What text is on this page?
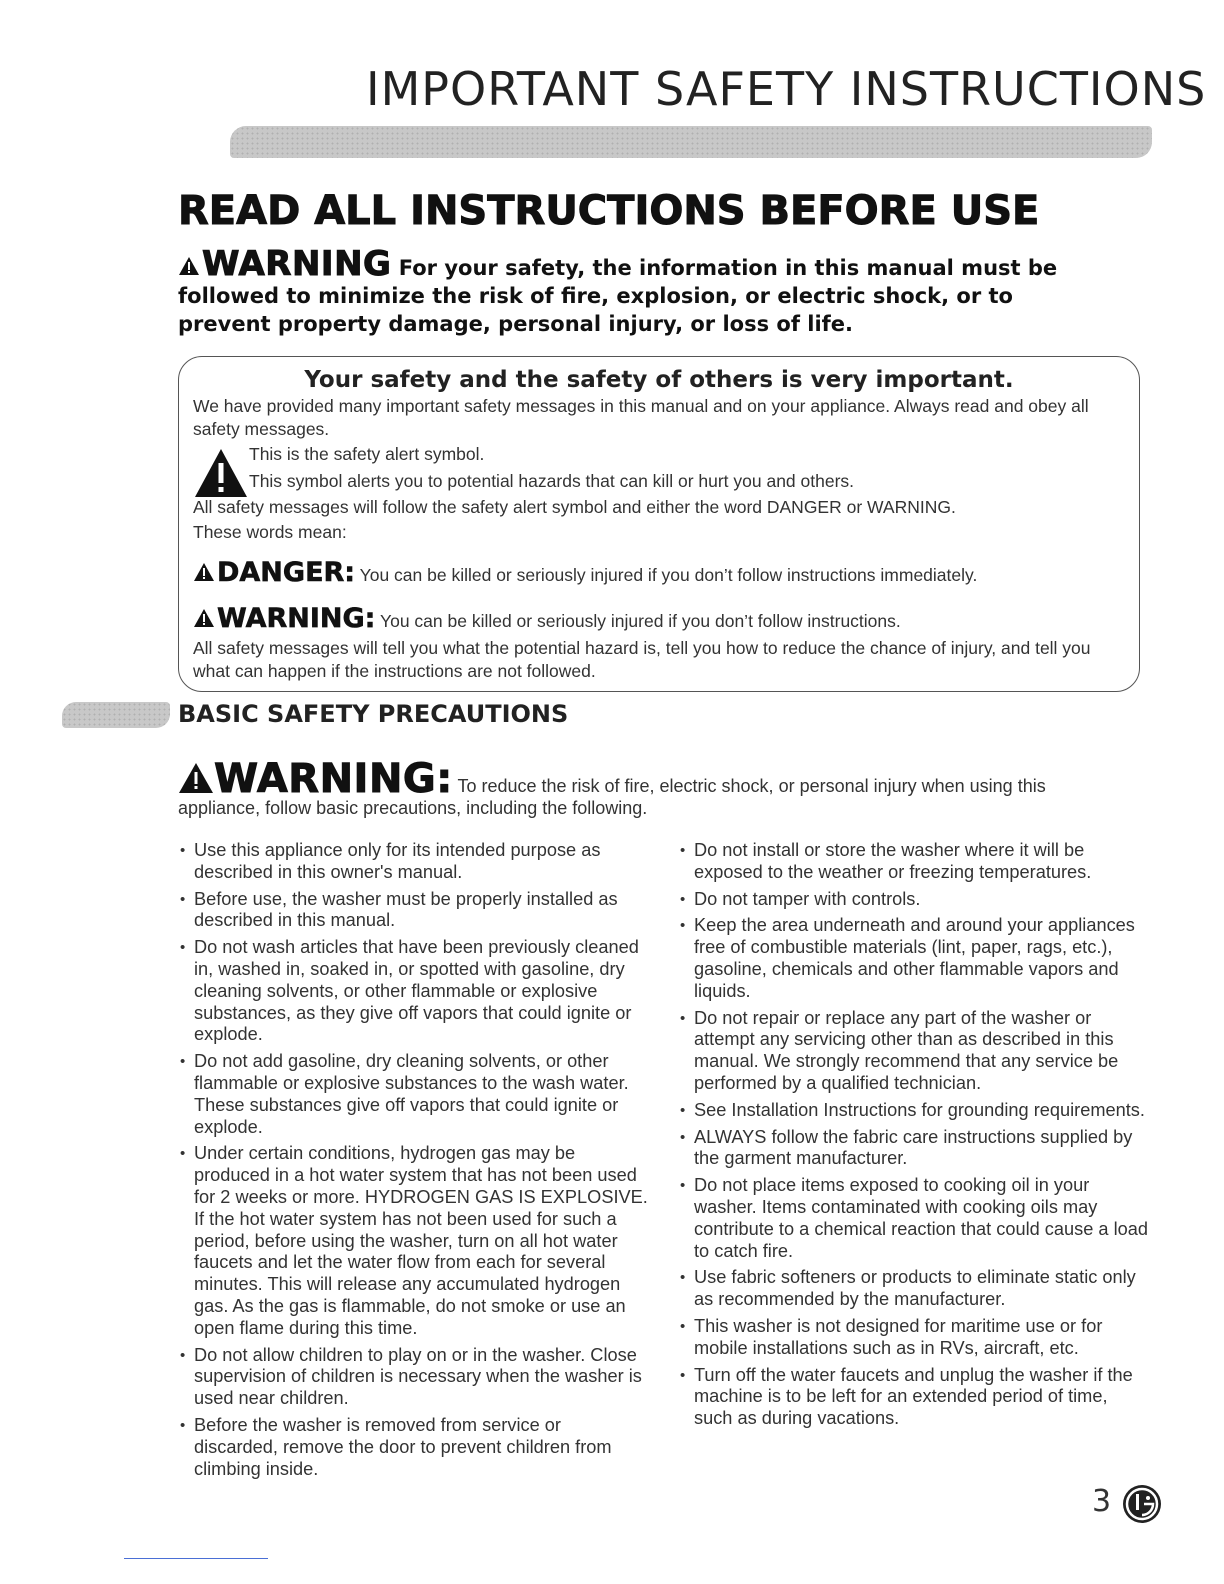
IMPORTANT SAFETY INSTRUCTIONS
READ ALL INSTRUCTIONS BEFORE USE
WARNING For your safety, the information in this manual must be followed to minimize the risk of fire, explosion, or electric shock, or to prevent property damage, personal injury, or loss of life.
Your safety and the safety of others is very important.
We have provided many important safety messages in this manual and on your appliance. Always read and obey all safety messages.
This is the safety alert symbol.
This symbol alerts you to potential hazards that can kill or hurt you and others.
All safety messages will follow the safety alert symbol and either the word DANGER or WARNING.
These words mean:
DANGER: You can be killed or seriously injured if you don’t follow instructions immediately.
WARNING: You can be killed or seriously injured if you don’t follow instructions.
All safety messages will tell you what the potential hazard is, tell you how to reduce the chance of injury, and tell you what can happen if the instructions are not followed.
BASIC SAFETY PRECAUTIONS
WARNING: To reduce the risk of fire, electric shock, or personal injury when using this appliance, follow basic precautions, including the following.
• Use this appliance only for its intended purpose as described in this owner's manual.
• Before use, the washer must be properly installed as described in this manual.
• Do not wash articles that have been previously cleaned in, washed in, soaked in, or spotted with gasoline, dry cleaning solvents, or other flammable or explosive substances, as they give off vapors that could ignite or explode.
• Do not add gasoline, dry cleaning solvents, or other flammable or explosive substances to the wash water. These substances give off vapors that could ignite or explode.
• Under certain conditions, hydrogen gas may be produced in a hot water system that has not been used for 2 weeks or more. HYDROGEN GAS IS EXPLOSIVE. If the hot water system has not been used for such a period, before using the washer, turn on all hot water faucets and let the water flow from each for several minutes. This will release any accumulated hydrogen gas. As the gas is flammable, do not smoke or use an open flame during this time.
• Do not allow children to play on or in the washer. Close supervision of children is necessary when the washer is used near children.
• Before the washer is removed from service or discarded, remove the door to prevent children from climbing inside.
• Do not install or store the washer where it will be exposed to the weather or freezing temperatures.
• Do not tamper with controls.
• Keep the area underneath and around your appliances free of combustible materials (lint, paper, rags, etc.), gasoline, chemicals and other flammable vapors and liquids.
• Do not repair or replace any part of the washer or attempt any servicing other than as described in this manual. We strongly recommend that any service be performed by a qualified technician.
• See Installation Instructions for grounding requirements.
• ALWAYS follow the fabric care instructions supplied by the garment manufacturer.
• Do not place items exposed to cooking oil in your washer. Items contaminated with cooking oils may contribute to a chemical reaction that could cause a load to catch fire.
• Use fabric softeners or products to eliminate static only as recommended by the manufacturer.
• This washer is not designed for maritime use or for mobile installations such as in RVs, aircraft, etc.
• Turn off the water faucets and unplug the washer if the machine is to be left for an extended period of time, such as during vacations.
3
